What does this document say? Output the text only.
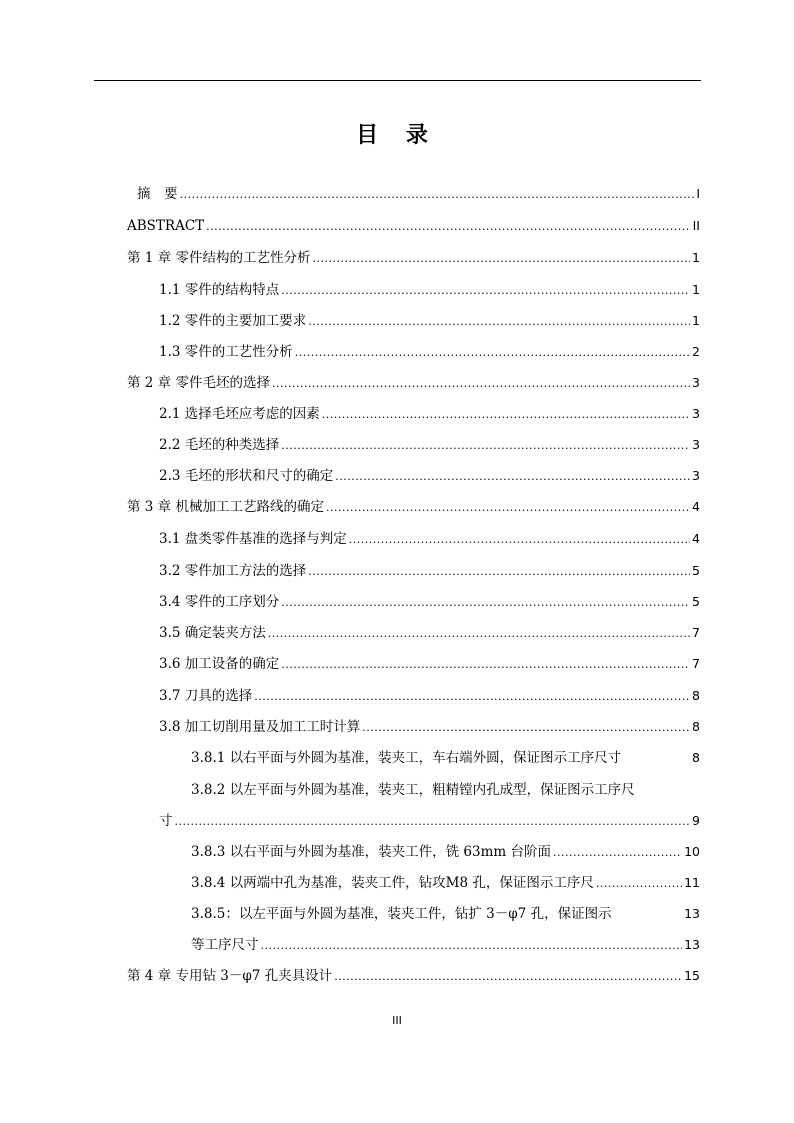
目 录
摘　要 .....	I
ABSTRACT .....	II
第 1 章 零件结构的工艺性分析 .....	1
1.1 零件的结构特点 .....	1
1.2 零件的主要加工要求 .....	1
1.3 零件的工艺性分析 .....	2
第 2 章 零件毛坯的选择 .....	3
2.1 选择毛坯应考虑的因素 .....	3
2.2 毛坯的种类选择 .....	3
2.3 毛坯的形状和尺寸的确定 .....	3
第 3 章 机械加工工艺路线的确定 .....	4
3.1 盘类零件基准的选择与判定 .....	4
3.2 零件加工方法的选择 .....	5
3.4 零件的工序划分 .....	5
3.5 确定装夹方法 .....	7
3.6 加工设备的确定 .....	7
3.7 刀具的选择 .....	8
3.8 加工切削用量及加工工时计算 .....	8
3.8.1 以右平面与外圆为基准，装夹工，车右端外圆，保证图示工序尺寸	8
3.8.2 以左平面与外圆为基准，装夹工，粗精镗内孔成型，保证图示工序尺
寸 .....	9
3.8.3 以右平面与外圆为基准，装夹工件，铣 63mm 台阶面 .....	10
3.8.4 以两端中孔为基准，装夹工件，钻攻M8 孔，保证图示工序尺 .....	11
3.8.5：以左平面与外圆为基准，装夹工件，钻扩 3－φ7 孔，保证图示	13
等工序尺寸 .....	13
第 4 章 专用钻 3－φ7 孔夹具设计 .....	15
III
